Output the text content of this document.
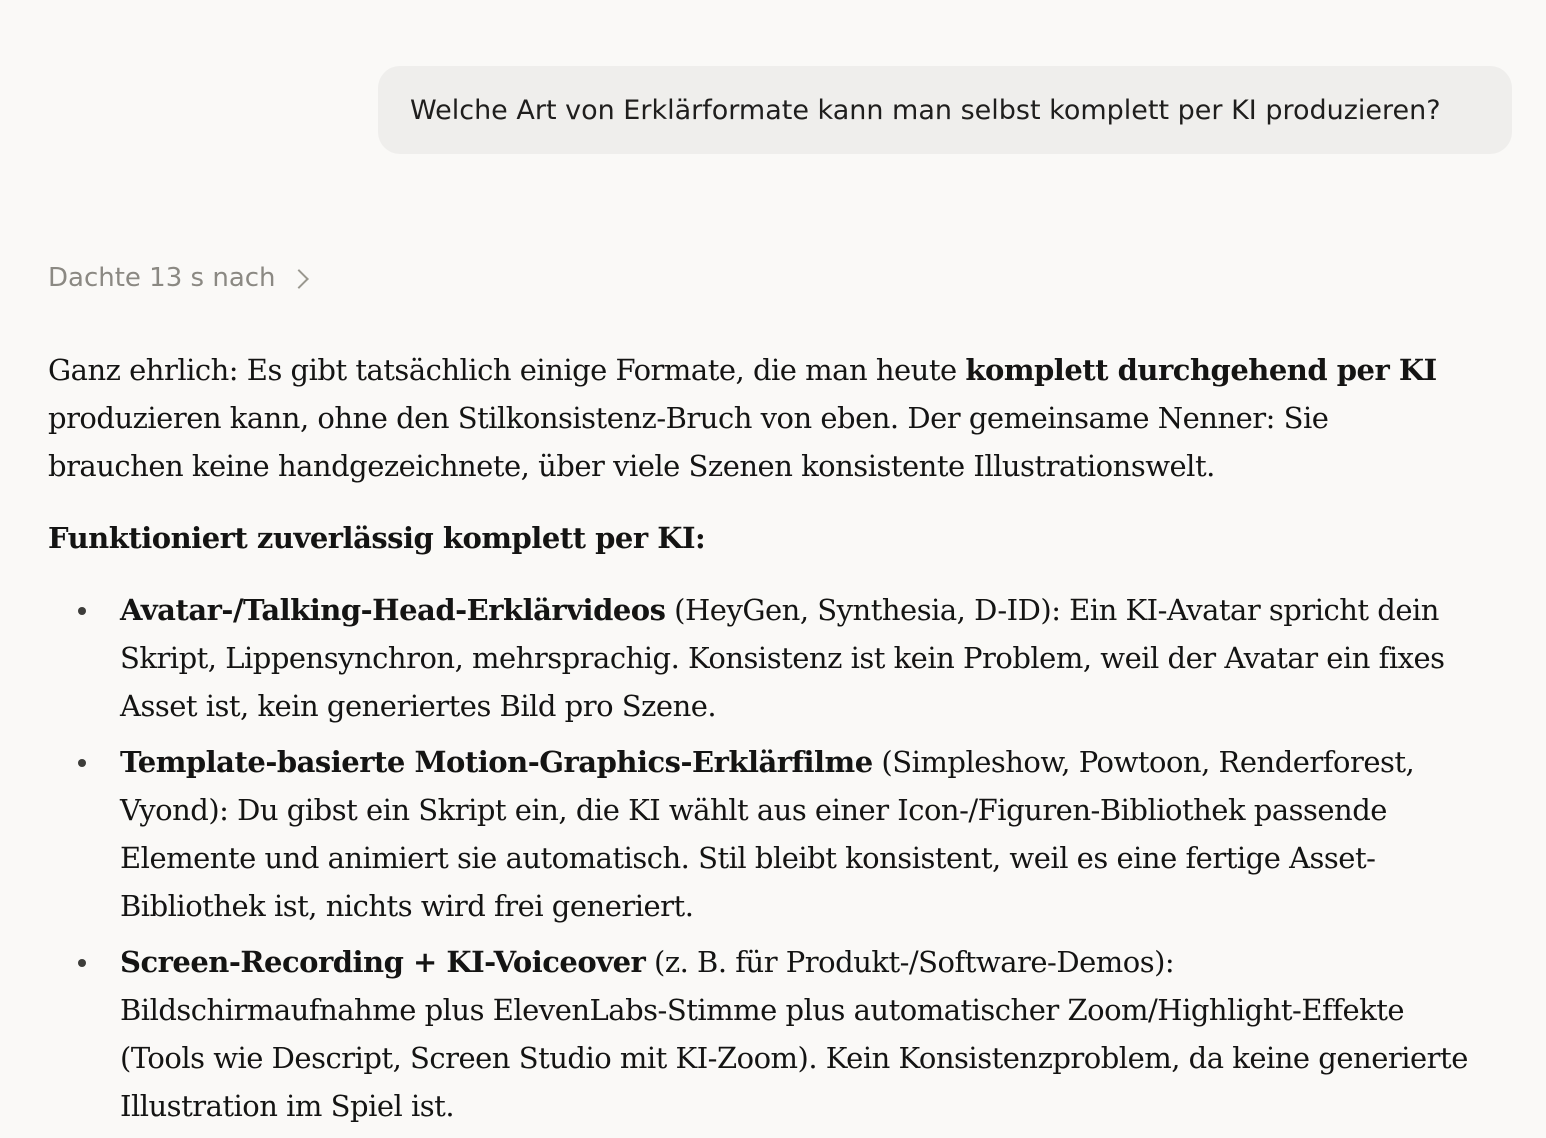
Welche Art von Erklärformate kann man selbst komplett per KI produzieren?
Dachte 13 s nach

Ganz ehrlich: Es gibt tatsächlich einige Formate, die man heute komplett durchgehend per KI produzieren kann, ohne den Stilkonsistenz-Bruch von eben. Der gemeinsame Nenner: Sie brauchen keine handgezeichnete, über viele Szenen konsistente Illustrationswelt.

Funktioniert zuverlässig komplett per KI:

Avatar-/Talking-Head-Erklärvideos (HeyGen, Synthesia, D-ID): Ein KI-Avatar spricht dein Skript, Lippensynchron, mehrsprachig. Konsistenz ist kein Problem, weil der Avatar ein fixes Asset ist, kein generiertes Bild pro Szene.
Template-basierte Motion-Graphics-Erklärfilme (Simpleshow, Powtoon, Renderforest, Vyond): Du gibst ein Skript ein, die KI wählt aus einer Icon-/Figuren-Bibliothek passende Elemente und animiert sie automatisch. Stil bleibt konsistent, weil es eine fertige Asset-Bibliothek ist, nichts wird frei generiert.
Screen-Recording + KI-Voiceover (z. B. für Produkt-/Software-Demos): Bildschirmaufnahme plus ElevenLabs-Stimme plus automatischer Zoom/Highlight-Effekte (Tools wie Descript, Screen Studio mit KI-Zoom). Kein Konsistenzproblem, da keine generierte Illustration im Spiel ist.
